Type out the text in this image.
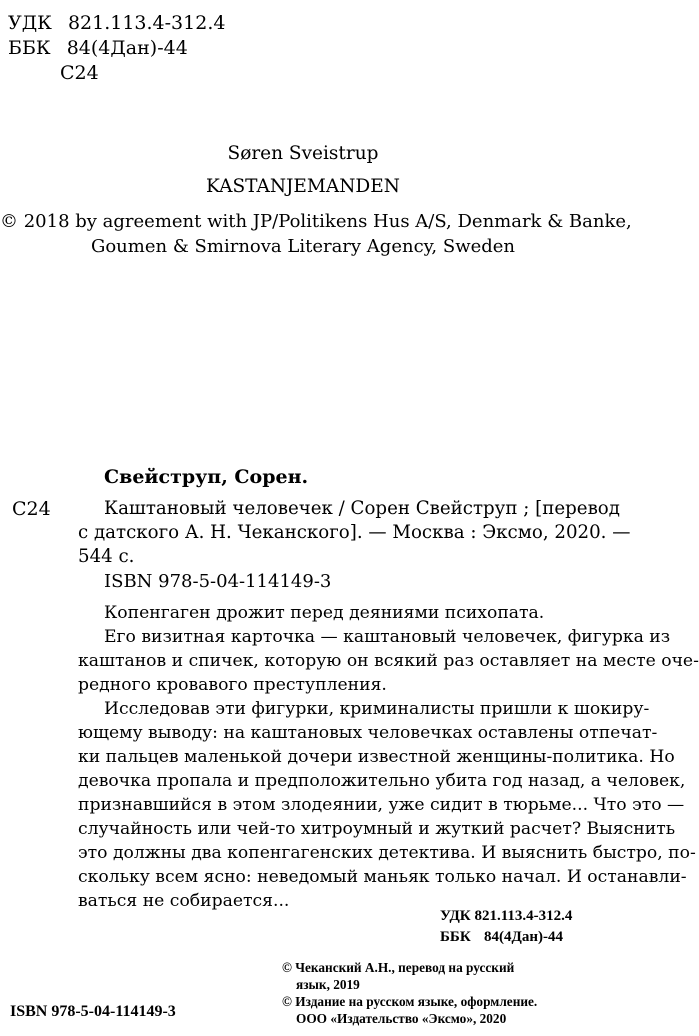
УДК 821.113.4-312.4
ББК 84(4Дан)-44
С24
Søren Sveistrup
KASTANJEMANDEN
© 2018 by agreement with JP/Politikens Hus A/S, Denmark & Banke,
Goumen & Smirnova Literary Agency, Sweden
Свейструп, Сорен.
С24	Каштановый человечек / Сорен Свейструп ; [перевод
с датского А. Н. Чеканского]. — Москва : Эксмо, 2020. —
544 с.
ISBN 978-5-04-114149-3
Копенгаген дрожит перед деяниями психопата.
Его визитная карточка — каштановый человечек, фигурка из
каштанов и спичек, которую он всякий раз оставляет на месте оче-
редного кровавого преступления.
Исследовав эти фигурки, криминалисты пришли к шокиру-
ющему выводу: на каштановых человечках оставлены отпечат-
ки пальцев маленькой дочери известной женщины-политика. Но
девочка пропала и предположительно убита год назад, а человек,
признавшийся в этом злодеянии, уже сидит в тюрьме... Что это —
случайность или чей-то хитроумный и жуткий расчет? Выяснить
это должны два копенгагенских детектива. И выяснить быстро, по-
скольку всем ясно: неведомый маньяк только начал. И останавли-
ваться не собирается...
УДК 821.113.4-312.4
ББК 84(4Дан)-44
© Чеканский А.Н., перевод на русский
язык, 2019
© Издание на русском языке, оформление.
ООО «Издательство «Эксмо», 2020
ISBN 978-5-04-114149-3
